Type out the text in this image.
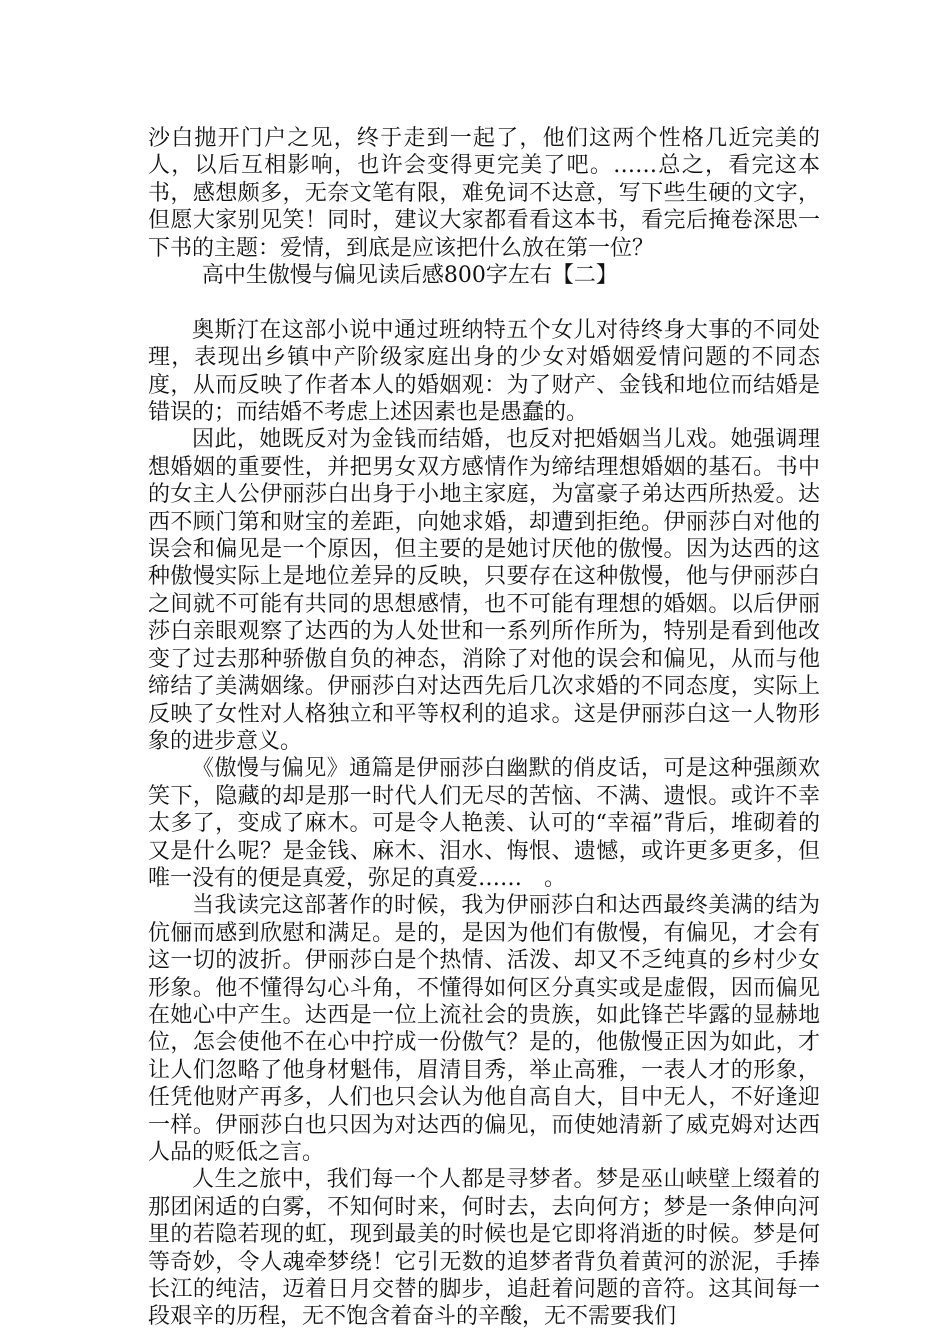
沙白抛开门户之见，终于走到一起了，他们这两个性格几近完美的人，以后互相影响，也许会变得更完美了吧。……总之，看完这本书，感想颇多，无奈文笔有限，难免词不达意，写下些生硬的文字，但愿大家别见笑！同时，建议大家都看看这本书，看完后掩卷深思一下书的主题：爱情，到底是应该把什么放在第一位？

高中生傲慢与偏见读后感800字左右【二】

奥斯汀在这部小说中通过班纳特五个女儿对待终身大事的不同处理，表现出乡镇中产阶级家庭出身的少女对婚姻爱情问题的不同态度，从而反映了作者本人的婚姻观：为了财产、金钱和地位而结婚是错误的；而结婚不考虑上述因素也是愚蠢的。

因此，她既反对为金钱而结婚，也反对把婚姻当儿戏。她强调理想婚姻的重要性，并把男女双方感情作为缔结理想婚姻的基石。书中的女主人公伊丽莎白出身于小地主家庭，为富豪子弟达西所热爱。达西不顾门第和财宝的差距，向她求婚，却遭到拒绝。伊丽莎白对他的误会和偏见是一个原因，但主要的是她讨厌他的傲慢。因为达西的这种傲慢实际上是地位差异的反映，只要存在这种傲慢，他与伊丽莎白之间就不可能有共同的思想感情，也不可能有理想的婚姻。以后伊丽莎白亲眼观察了达西的为人处世和一系列所作所为，特别是看到他改变了过去那种骄傲自负的神态，消除了对他的误会和偏见，从而与他缔结了美满姻缘。伊丽莎白对达西先后几次求婚的不同态度，实际上反映了女性对人格独立和平等权利的追求。这是伊丽莎白这一人物形象的进步意义。

《傲慢与偏见》通篇是伊丽莎白幽默的俏皮话，可是这种强颜欢笑下，隐藏的却是那一时代人们无尽的苦恼、不满、遗恨。或许不幸太多了，变成了麻木。可是令人艳羡、认可的“幸福”背后，堆砌着的又是什么呢？是金钱、麻木、泪水、悔恨、遗憾，或许更多更多，但唯一没有的便是真爱，弥足的真爱……　。

当我读完这部著作的时候，我为伊丽莎白和达西最终美满的结为伉俪而感到欣慰和满足。是的，是因为他们有傲慢，有偏见，才会有这一切的波折。伊丽莎白是个热情、活泼、却又不乏纯真的乡村少女形象。他不懂得勾心斗角，不懂得如何区分真实或是虚假，因而偏见在她心中产生。达西是一位上流社会的贵族，如此锋芒毕露的显赫地位，怎会使他不在心中拧成一份傲气？是的，他傲慢正因为如此，才让人们忽略了他身材魁伟，眉清目秀，举止高雅，一表人才的形象，任凭他财产再多，人们也只会认为他自高自大，目中无人，不好逢迎一样。伊丽莎白也只因为对达西的偏见，而使她清新了威克姆对达西人品的贬低之言。

人生之旅中，我们每一个人都是寻梦者。梦是巫山峡壁上缀着的那团闲适的白雾，不知何时来，何时去，去向何方；梦是一条伸向河里的若隐若现的虹，现到最美的时候也是它即将消逝的时候。梦是何等奇妙，令人魂牵梦绕！它引无数的追梦者背负着黄河的淤泥，手捧长江的纯洁，迈着日月交替的脚步，追赶着问题的音符。这其间每一段艰辛的历程，无不饱含着奋斗的辛酸，无不需要我们
